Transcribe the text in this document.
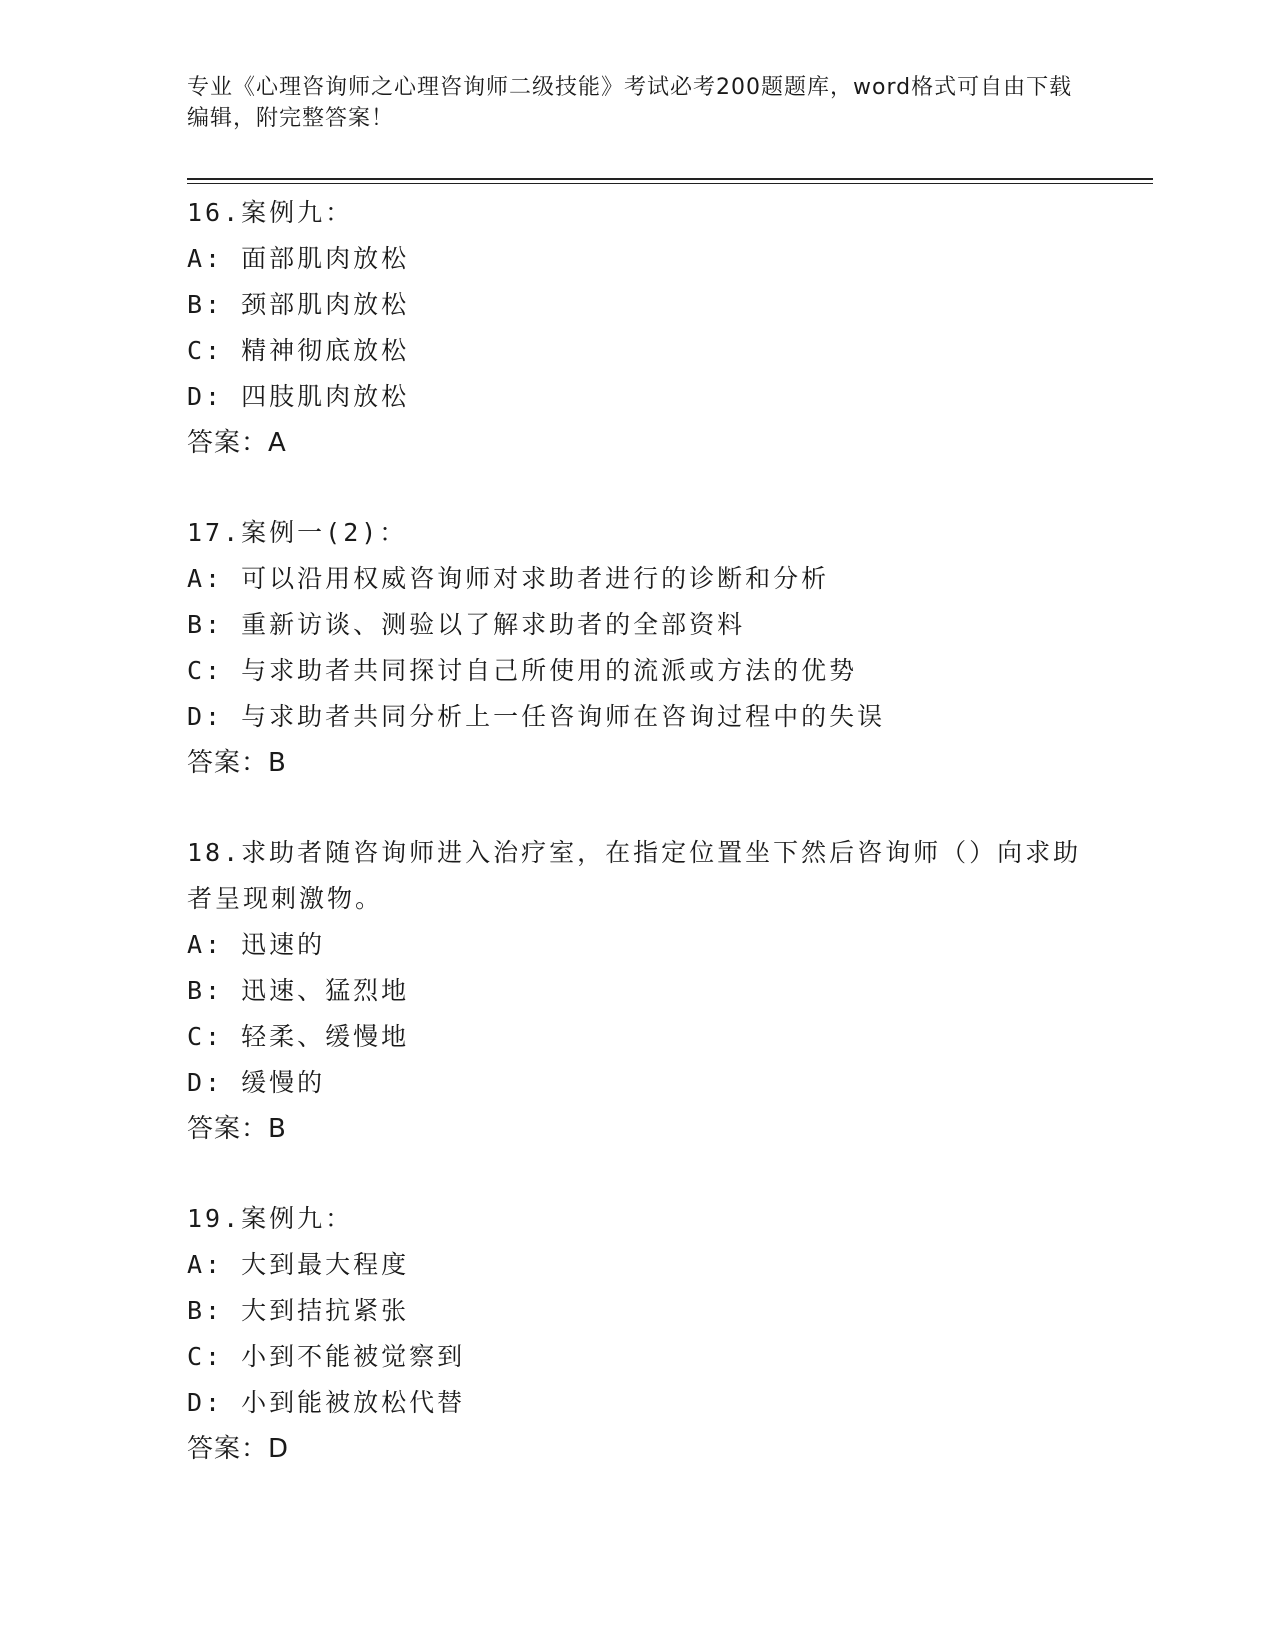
专业《心理咨询师之心理咨询师二级技能》考试必考200题题库，word格式可自由下载编辑，附完整答案！
16.案例九：
A: 面部肌肉放松
B: 颈部肌肉放松
C: 精神彻底放松
D: 四肢肌肉放松
答案：A
17.案例一(2)：
A: 可以沿用权威咨询师对求助者进行的诊断和分析
B: 重新访谈、测验以了解求助者的全部资料
C: 与求助者共同探讨自己所使用的流派或方法的优势
D: 与求助者共同分析上一任咨询师在咨询过程中的失误
答案：B
18.求助者随咨询师进入治疗室，在指定位置坐下然后咨询师（）向求助者呈现刺激物。
A: 迅速的
B: 迅速、猛烈地
C: 轻柔、缓慢地
D: 缓慢的
答案：B
19.案例九：
A: 大到最大程度
B: 大到拮抗紧张
C: 小到不能被觉察到
D: 小到能被放松代替
答案：D
